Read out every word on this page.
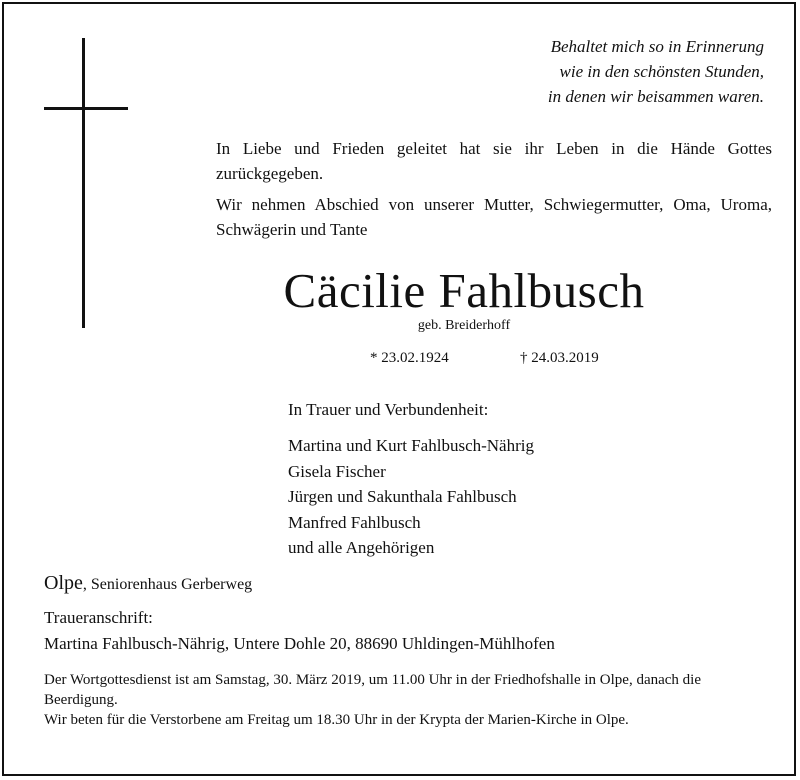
Behaltet mich so in Erinnerung
wie in den schönsten Stunden,
in denen wir beisammen waren.

In Liebe und Frieden geleitet hat sie ihr Leben in die Hände Gottes zurückgegeben.

Wir nehmen Abschied von unserer Mutter, Schwiegermutter, Oma, Uroma, Schwägerin und Tante

Cäcilie Fahlbusch
geb. Breiderhoff
* 23.02.1924	† 24.03.2019
In Trauer und Verbundenheit:
Martina und Kurt Fahlbusch-Nährig
Gisela Fischer
Jürgen und Sakunthala Fahlbusch
Manfred Fahlbusch
und alle Angehörigen
Olpe, Seniorenhaus Gerberweg
Traueranschrift:
Martina Fahlbusch-Nährig, Untere Dohle 20, 88690 Uhldingen-Mühlhofen

Der Wortgottesdienst ist am Samstag, 30. März 2019, um 11.00 Uhr in der Friedhofshalle in Olpe, danach die Beerdigung.

Wir beten für die Verstorbene am Freitag um 18.30 Uhr in der Krypta der Marien-Kirche in Olpe.
